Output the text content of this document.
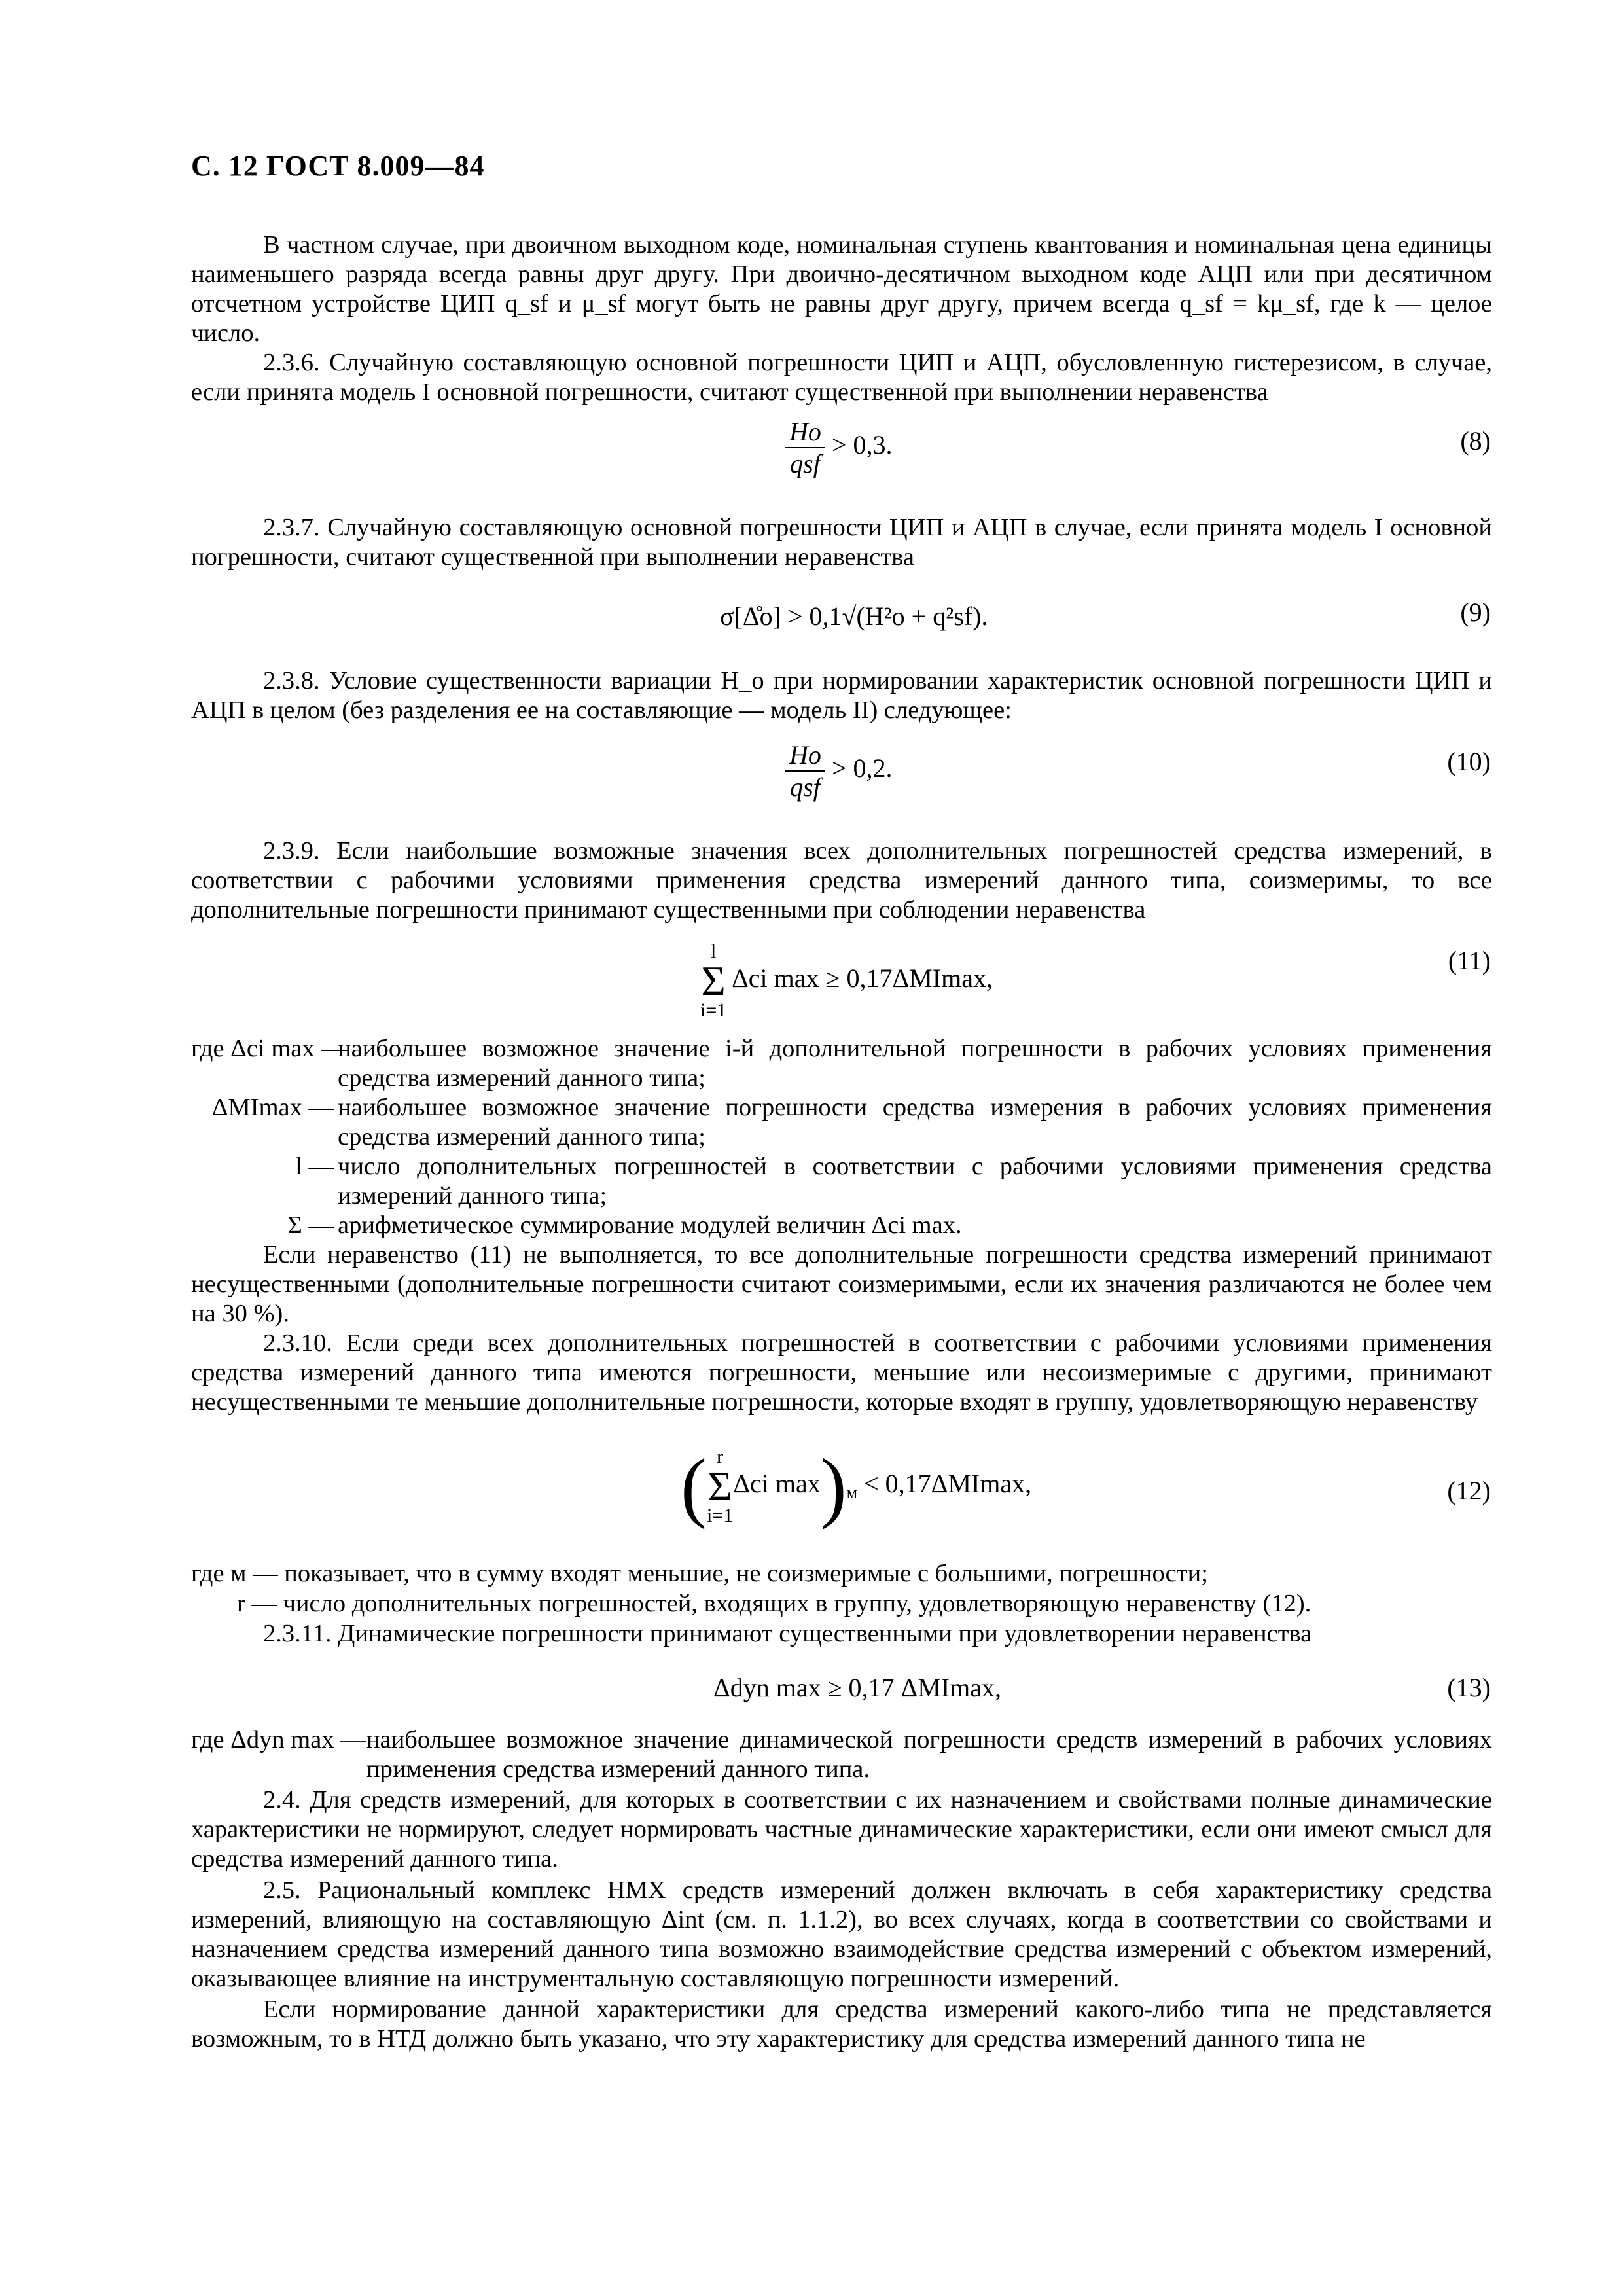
С. 12 ГОСТ 8.009—84
В частном случае, при двоичном выходном коде, номинальная ступень квантования и номинальная цена единицы наименьшего разряда всегда равны друг другу. При двоично-десятичном выходном коде АЦП или при десятичном отсчетном устройстве ЦИП q_sf и μ_sf могут быть не равны друг другу, причем всегда q_sf = kμ_sf, где k — целое число.
2.3.6. Случайную составляющую основной погрешности ЦИП и АЦП, обусловленную гистерезисом, в случае, если принята модель I основной погрешности, считают существенной при выполнении неравенства
$\frac{Hо}{\text{qsf}} > 0,3$.	(8)
2.3.7. Случайную составляющую основной погрешности ЦИП и АЦП в случае, если принята модель I основной погрешности, считают существенной при выполнении неравенства
σ[Δ̊о] > 0,1√(H²о + q²sf).	(9)
2.3.8. Условие существенности вариации H_o при нормировании характеристик основной погрешности ЦИП и АЦП в целом (без разделения ее на составляющие — модель II) следующее:
$\frac{Hо}{\text{qsf}} > 0,2$.	(10)
2.3.9. Если наибольшие возможные значения всех дополнительных погрешностей средства измерений, в соответствии с рабочими условиями применения средства измерений данного типа, соизмеримы, то все дополнительные погрешности принимают существенными при соблюдении неравенства
l
Σ
i=1 Δci max ≥ 0,17ΔMImax,
(11)
где Δci max —
наибольшее возможное значение i-й дополнительной погрешности в рабочих условиях применения средства измерений данного типа;
ΔMImax — наибольшее возможное значение погрешности средства измерения в рабочих условиях применения средства измерений данного типа;
l — число дополнительных погрешностей в соответствии с рабочими условиями применения средства измерений данного типа;
Σ — арифметическое суммирование модулей величин Δci max.
Если неравенство (11) не выполняется, то все дополнительные погрешности средства измерений принимают несущественными (дополнительные погрешности считают соизмеримыми, если их значения различаются не более чем на 30 %).
2.3.10. Если среди всех дополнительных погрешностей в соответствии с рабочими условиями применения средства измерений данного типа имеются погрешности, меньшие или несоизмеримые с другими, принимают несущественными те меньшие дополнительные погрешности, которые входят в группу, удовлетворяющую неравенству
( r
Σ
i=1Δci $\max)_м < 0,17\Delta MImax$,	(12)
где м — показывает, что в сумму входят меньшие, не соизмеримые с большими, погрешности;
r — число дополнительных погрешностей, входящих в группу, удовлетворяющую неравенству (12).
2.3.11. Динамические погрешности принимают существенными при удовлетворении неравенства
Δdyn max ≥ 0,17 ΔMImax,	(13)
где Δdyn max — наибольшее возможное значение динамической погрешности средств измерений в рабочих условиях применения средства измерений данного типа.
2.4. Для средств измерений, для которых в соответствии с их назначением и свойствами полные динамические характеристики не нормируют, следует нормировать частные динамические характеристики, если они имеют смысл для средства измерений данного типа.
2.5. Рациональный комплекс НМХ средств измерений должен включать в себя характеристику средства измерений, влияющую на составляющую Δint (см. п. 1.1.2), во всех случаях, когда в соответствии со свойствами и назначением средства измерений данного типа возможно взаимодействие средства измерений с объектом измерений, оказывающее влияние на инструментальную составляющую погрешности измерений.
Если нормирование данной характеристики для средства измерений какого-либо типа не представляется возможным, то в НТД должно быть указано, что эту характеристику для средства измерений данного типа не
